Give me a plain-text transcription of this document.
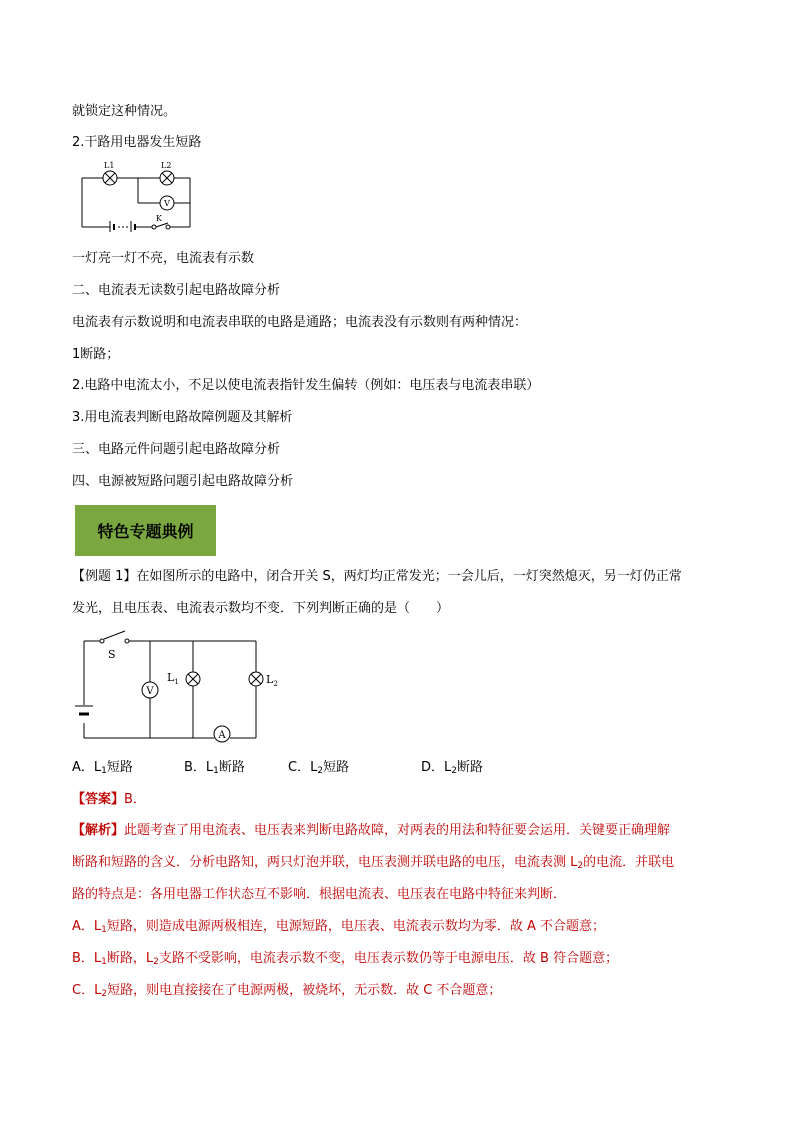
就锁定这种情况。
2.干路用电器发生短路
V
L1	L2
K
一灯亮一灯不亮，电流表有示数
二、电流表无读数引起电路故障分析
电流表有示数说明和电流表串联的电路是通路；电流表没有示数则有两种情况：
1断路；
2.电路中电流太小，不足以使电流表指针发生偏转（例如：电压表与电流表串联）
3.用电流表判断电路故障例题及其解析
三、电路元件问题引起电路故障分析
四、电源被短路问题引起电路故障分析
特色专题典例
【例题 1】在如图所示的电路中，闭合开关 S，两灯均正常发光；一会儿后，一灯突然熄灭，另一灯仍正常
发光，且电压表、电流表示数均不变．下列判断正确的是（　　）
V
A
S
$L_1$	$L_2$
A．$L_1$短路	B．$L_1$断路	C．$L_2$短路	D．$L_2$断路
【答案】B．
【解析】此题考查了用电流表、电压表来判断电路故障，对两表的用法和特征要会运用．关键要正确理解
断路和短路的含义．分析电路知，两只灯泡并联，电压表测并联电路的电压，电流表测 $L_2$的电流．并联电
路的特点是：各用电器工作状态互不影响．根据电流表、电压表在电路中特征来判断．
A．$L_1$短路，则造成电源两极相连，电源短路，电压表、电流表示数均为零．故 A 不合题意；
B．$L_1$断路，$L_2$支路不受影响，电流表示数不变，电压表示数仍等于电源电压．故 B 符合题意；
C．$L_2$短路，则电直接接在了电源两极，被烧坏，无示数．故 C 不合题意；
